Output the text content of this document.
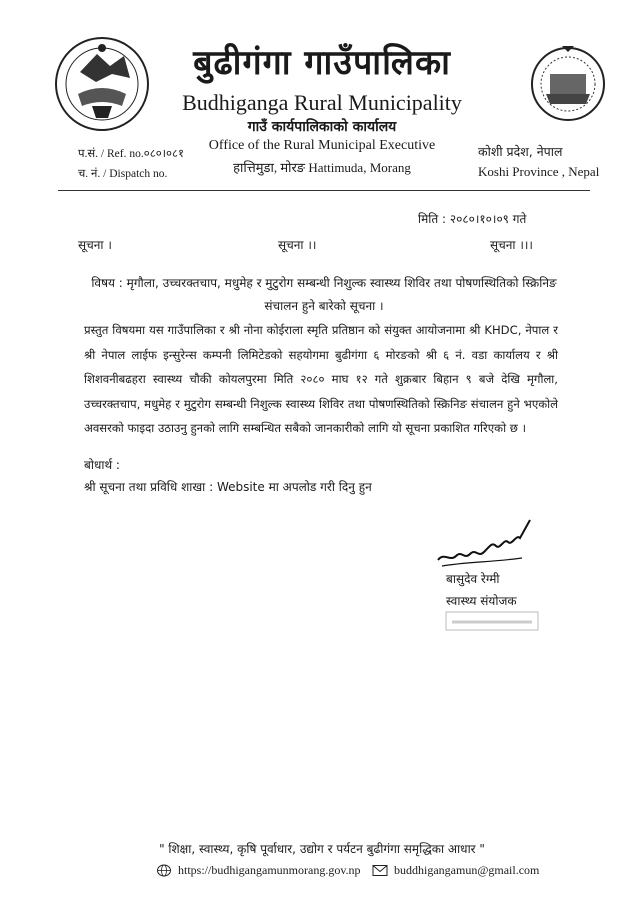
बुढीगंगा गाउँपालिका
Budhiganga Rural Municipality
गाउँ कार्यपालिकाको कार्यालय
Office of the Rural Municipal Executive
हात्तिमुडा, मोरङ Hattimuda, Morang
प.सं. / Ref. no.०८०।०८१
च. नं. / Dispatch no.
कोशी प्रदेश, नेपाल
Koshi Province , Nepal
मिति : २०८०।१०।०९ गते
सूचना ।	सूचना ।।	सूचना ।।।
विषय : मृगौला, उच्चरक्तचाप, मधुमेह र मुटुरोग सम्बन्धी निशुल्क स्वास्थ्य शिविर तथा पोषणस्थितिको स्क्रिनिङ संचालन हुने बारेको सूचना ।
प्रस्तुत विषयमा यस गाउँपालिका र श्री नोना कोईराला स्मृति प्रतिष्ठान को संयुक्त आयोजनामा श्री KHDC, नेपाल र श्री नेपाल लाईफ इन्सुरेन्स कम्पनी लिमिटेडको सहयोगमा बुढीगंगा ६ मोरङको श्री ६ नं. वडा कार्यालय र श्री शिशवनीबढहरा स्वास्थ्य चौकी कोयलपुरमा मिति २०८० माघ १२ गते शुक्रबार बिहान ९ बजे देखि मृगौला, उच्चरक्तचाप, मधुमेह र मुटुरोग सम्बन्धी निशुल्क स्वास्थ्य शिविर तथा पोषणस्थितिको स्क्रिनिङ संचालन हुने भएकोले अवसरको फाइदा उठाउनु हुनको लागि सम्बन्धित सबैको जानकारीको लागि यो सूचना प्रकाशित गरिएको छ ।
बोधार्थ :
श्री सूचना तथा प्रविधि शाखा : Website मा अपलोड गरी दिनु हुन
बासुदेव रेग्मी
स्वास्थ्य संयोजक
" शिक्षा, स्वास्थ्य, कृषि पूर्वाधार, उद्योग र पर्यटन बुढीगंगा समृद्धिका आधार "
https://budhigangamunmorang.gov.np	buddhigangamun@gmail.com
